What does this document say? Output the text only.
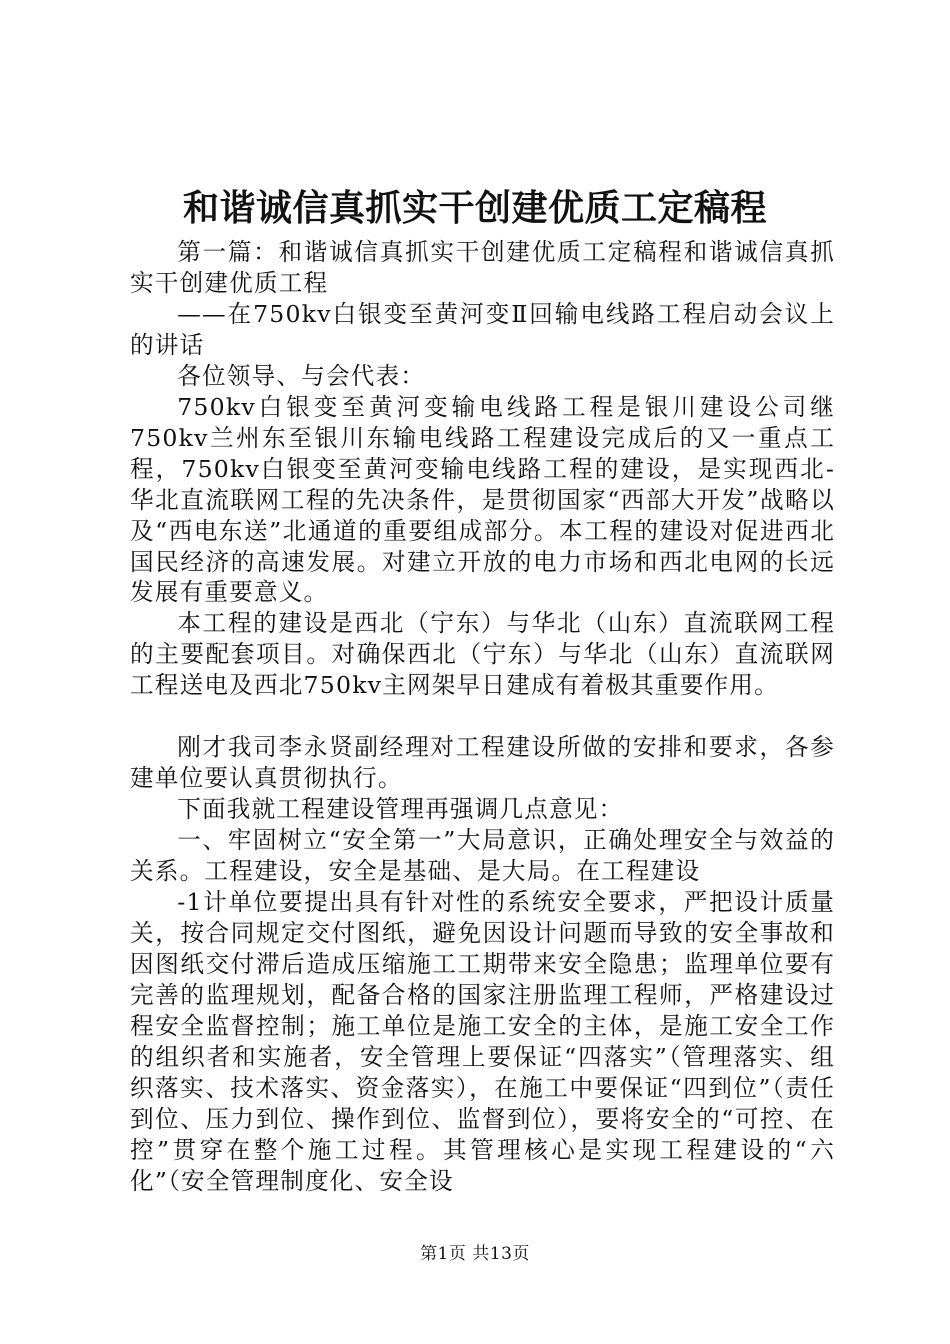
和谐诚信真抓实干创建优质工定稿程

第一篇：和谐诚信真抓实干创建优质工定稿程和谐诚信真抓实干创建优质工程

——在750kv白银变至黄河变Ⅱ回输电线路工程启动会议上的讲话

各位领导、与会代表：

750kv白银变至黄河变输电线路工程是银川建设公司继750kv兰州东至银川东输电线路工程建设完成后的又一重点工程，750kv白银变至黄河变输电线路工程的建设，是实现西北-华北直流联网工程的先决条件，是贯彻国家“西部大开发”战略以及“西电东送”北通道的重要组成部分。本工程的建设对促进西北国民经济的高速发展。对建立开放的电力市场和西北电网的长远发展有重要意义。

本工程的建设是西北（宁东）与华北（山东）直流联网工程的主要配套项目。对确保西北（宁东）与华北（山东）直流联网工程送电及西北750kv主网架早日建成有着极其重要作用。

刚才我司李永贤副经理对工程建设所做的安排和要求，各参建单位要认真贯彻执行。

下面我就工程建设管理再强调几点意见：

一、牢固树立“安全第一”大局意识，正确处理安全与效益的关系。工程建设，安全是基础、是大局。在工程建设

-1计单位要提出具有针对性的系统安全要求，严把设计质量关，按合同规定交付图纸，避免因设计问题而导致的安全事故和因图纸交付滞后造成压缩施工工期带来安全隐患；监理单位要有完善的监理规划，配备合格的国家注册监理工程师，严格建设过程安全监督控制；施工单位是施工安全的主体，是施工安全工作的组织者和实施者，安全管理上要保证“四落实”（管理落实、组织落实、技术落实、资金落实），在施工中要保证“四到位”（责任到位、压力到位、操作到位、监督到位），要将安全的“可控、在控”贯穿在整个施工过程。其管理核心是实现工程建设的“六化”（安全管理制度化、安全设

第1页 共13页
